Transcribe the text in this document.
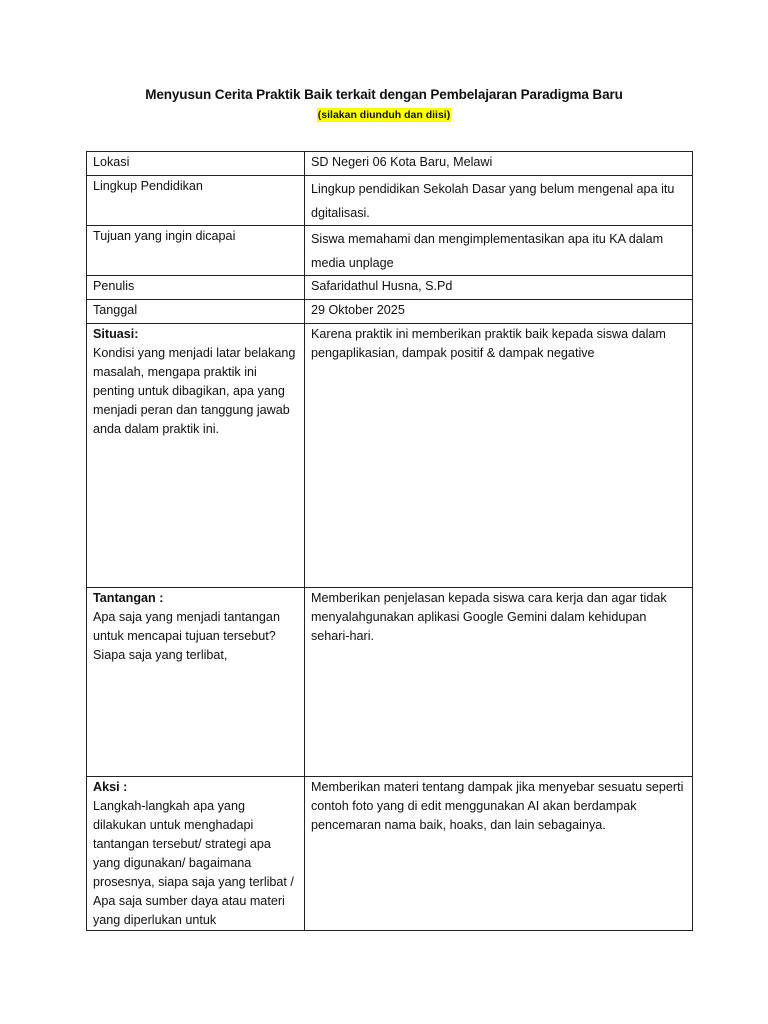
Menyusun Cerita Praktik Baik terkait dengan Pembelajaran Paradigma Baru
(silakan diunduh dan diisi)
Lokasi	SD Negeri 06 Kota Baru, Melawi
Lingkup Pendidikan	Lingkup pendidikan Sekolah Dasar yang belum mengenal apa itu dgitalisasi.
Tujuan yang ingin dicapai	Siswa memahami dan mengimplementasikan apa itu KA dalam media unplage
Penulis	Safaridathul Husna, S.Pd
Tanggal	29 Oktober 2025

Situasi:
Kondisi yang menjadi latar belakang masalah, mengapa praktik ini penting untuk dibagikan, apa yang menjadi peran dan tanggung jawab anda dalam praktik ini.	Karena praktik ini memberikan praktik baik kepada siswa dalam pengaplikasian, dampak positif & dampak negative

Tantangan :
Apa saja yang menjadi tantangan untuk mencapai tujuan tersebut? Siapa saja yang terlibat,	Memberikan penjelasan kepada siswa cara kerja dan agar tidak menyalahgunakan aplikasi Google Gemini dalam kehidupan sehari-hari.

Aksi :
Langkah-langkah apa yang dilakukan untuk menghadapi tantangan tersebut/ strategi apa yang digunakan/ bagaimana prosesnya, siapa saja yang terlibat / Apa saja sumber daya atau materi yang diperlukan untuk	Memberikan materi tentang dampak jika menyebar sesuatu seperti contoh foto yang di edit menggunakan AI akan berdampak pencemaran nama baik, hoaks, dan lain sebagainya.
